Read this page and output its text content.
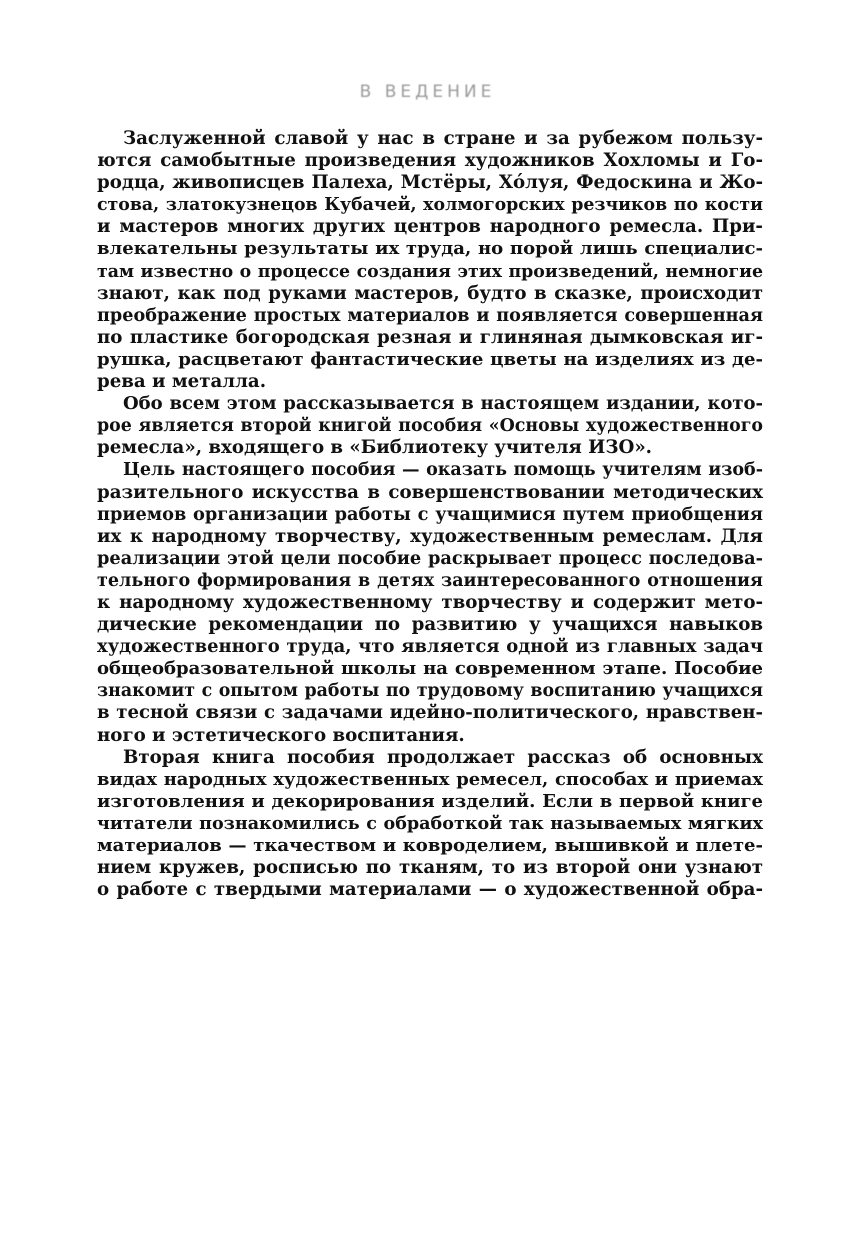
В ВЕДЕНИЕ
Заслуженной славой у нас в стране и за рубежом пользу-
ются самобытные произведения художников Хохломы и Го-
родца, живописцев Палеха, Мстёры, Хо́луя, Федоскина и Жо-
стова, златокузнецов Кубачей, холмогорских резчиков по кости
и мастеров многих других центров народного ремесла. При-
влекательны результаты их труда, но порой лишь специалис-
там известно о процессе создания этих произведений, немногие
знают, как под руками мастеров, будто в сказке, происходит
преображение простых материалов и появляется совершенная
по пластике богородская резная и глиняная дымковская иг-
рушка, расцветают фантастические цветы на изделиях из де-
рева и металла.
Обо всем этом рассказывается в настоящем издании, кото-
рое является второй книгой пособия «Основы художественного
ремесла», входящего в «Библиотеку учителя ИЗО».
Цель настоящего пособия — оказать помощь учителям изоб-
разительного искусства в совершенствовании методических
приемов организации работы с учащимися путем приобщения
их к народному творчеству, художественным ремеслам. Для
реализации этой цели пособие раскрывает процесс последова-
тельного формирования в детях заинтересованного отношения
к народному художественному творчеству и содержит мето-
дические рекомендации по развитию у учащихся навыков
художественного труда, что является одной из главных задач
общеобразовательной школы на современном этапе. Пособие
знакомит с опытом работы по трудовому воспитанию учащихся
в тесной связи с задачами идейно-политического, нравствен-
ного и эстетического воспитания.
Вторая книга пособия продолжает рассказ об основных
видах народных художественных ремесел, способах и приемах
изготовления и декорирования изделий. Если в первой книге
читатели познакомились с обработкой так называемых мягких
материалов — ткачеством и ковроделием, вышивкой и плете-
нием кружев, росписью по тканям, то из второй они узнают
о работе с твердыми материалами — о художественной обра-
